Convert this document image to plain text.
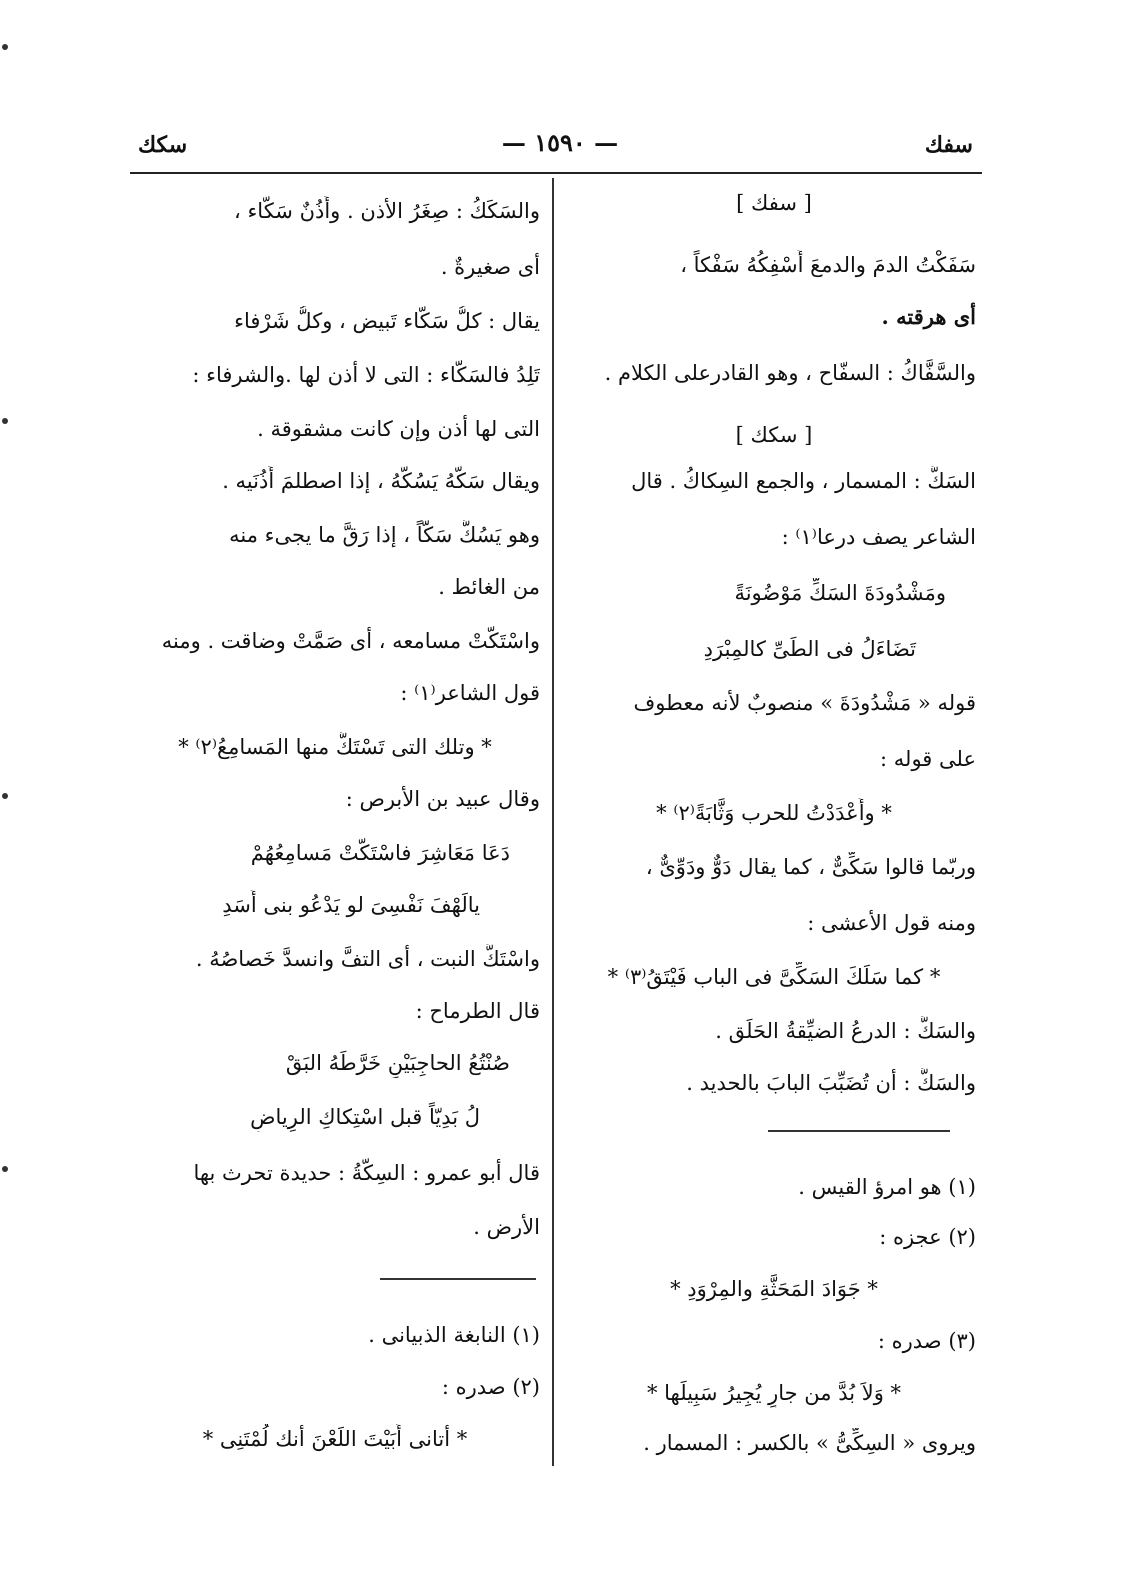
سفك
— ١٥٩٠ —
سكك
[ سفك ]
سَفَكْتُ الدمَ والدمعَ أَسْفِكُهُ سَفْكاً ،
أى هرقته .
والسَّفَّاكُ : السفّاح ، وهو القادرعلى الكلام .
[ سكك ]
السَكُّ : المسمار ، والجمع السِكاكُ . قال
الشاعر يصف درعا⁽١⁾ :
ومَشْدُودَةَ السَكِّ مَوْضُونَةً
تَضَاءَلُ فى الطَىِّ كالمِبْرَدِ
قوله « مَشْدُودَةَ » منصوبٌ لأنه معطوف
على قوله :
* وأَعْدَدْتُ للحرب وَثَّابَةً⁽٢⁾ *
وربّما قالوا سَكِّىٌّ ، كما يقال دَوٌّ ودَوِّىٌّ ،
ومنه قول الأعشى :
* كما سَلَكَ السَكِّىَّ فى الباب فَيْتَقُ⁽٣⁾ *
والسَكُّ : الدرعُ الضيِّقةُ الحَلَق .
والسَكُّ : أن تُضَبِّبَ البابَ بالحديد .
(١) هو امرؤ القيس .
(٢) عجزه :
* جَوَادَ المَحَثَّةِ والمِرْوَدِ *
(٣) صدره :
* وَلاَ بُدَّ من جارٍ يُجِيرُ سَبِيلَها *
ويروى « السِكِّىُّ » بالكسر : المسمار .
والسَكَكُ : صِغَرُ الأذن . وأُذُنٌ سَكَّاء ،
أى صغيرةٌ .
يقال : كلُّ سَكَّاء تَبيض ، وكلُّ شَرْفاء
تَلِدُ فالسَكَّاء : التى لا أذن لها .والشرفاء :
التى لها أذن وإن كانت مشقوقة .
ويقال سَكَّهُ يَسُكُّهُ ، إذا اصطلمَ أُذُنَيه .
وهو يَسُكُّ سَكّاً ، إذا رَقَّ ما يجىء منه
من الغائط .
واسْتَكَّتْ مسامعه ، أى صَمَّتْ وضاقت . ومنه
قول الشاعر⁽١⁾ :
* وتلك التى تَسْتَكُّ منها المَسامِعُ⁽٢⁾ *
وقال عبيد بن الأبرص :
دَعَا مَعَاشِرَ فاسْتَكَّتْ مَسامِعُهُمْ
يالَهْفَ نَفْسِىَ لو يَدْعُو بنى أَسَدِ
واسْتَكَّ النبت ، أى التفَّ وانسدَّ خَصاصُهُ .
قال الطرماح :
صُنْتُعُ الحاجِبَيْنِ خَرَّطَهُ البَقْ
لُ بَدِيّاً قبل اسْتِكاكِ الرِياضِ
قال أبو عمرو : السِكَّةُ : حديدة تحرث بها
الأرض .
(١) النابغة الذبيانى .
(٢) صدره :
* أتانى أَبَيْتَ اللَعْنَ أنك لُمْتَنِى *
